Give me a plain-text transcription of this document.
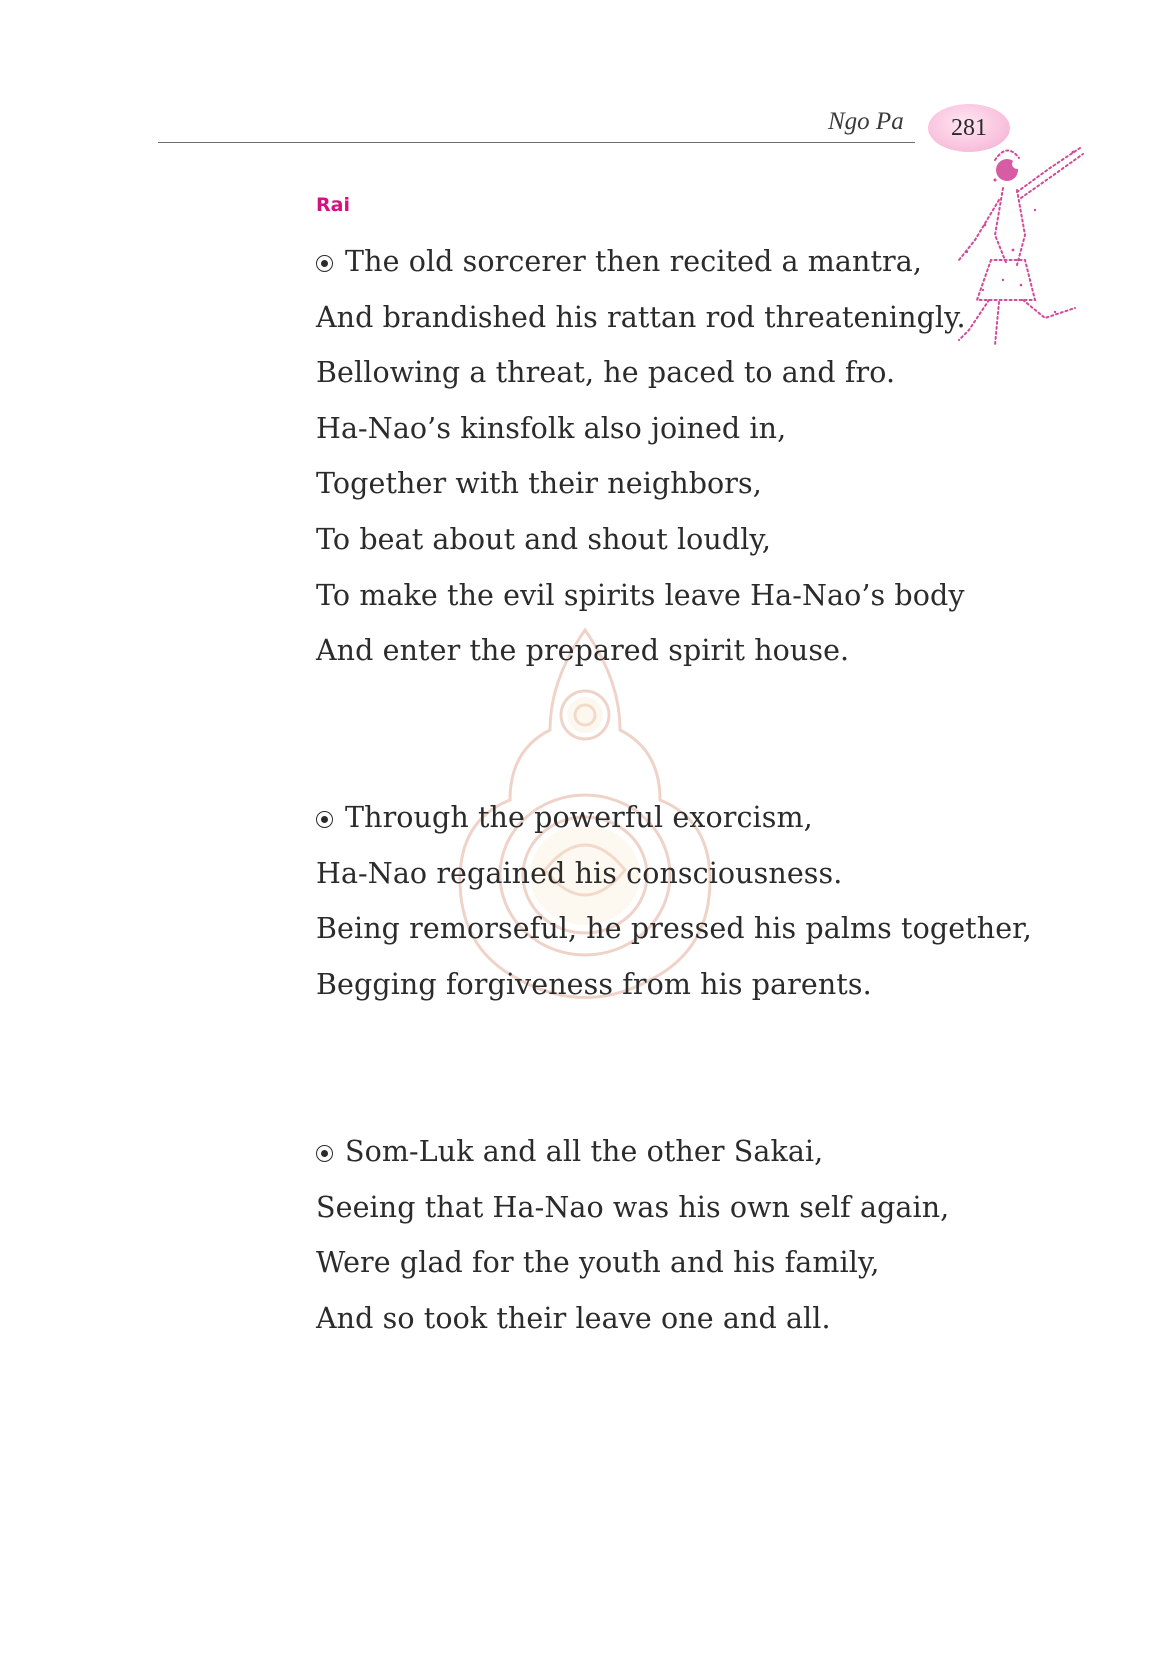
Ngo Pa 281
Rai
The old sorcerer then recited a mantra,
And brandished his rattan rod threateningly.
Bellowing a threat, he paced to and fro.
Ha-Nao’s kinsfolk also joined in,
Together with their neighbors,
To beat about and shout loudly,
To make the evil spirits leave Ha-Nao’s body
And enter the prepared spirit house.
Through the powerful exorcism,
Ha-Nao regained his consciousness.
Being remorseful, he pressed his palms together,
Begging forgiveness from his parents.
Som-Luk and all the other Sakai,
Seeing that Ha-Nao was his own self again,
Were glad for the youth and his family,
And so took their leave one and all.
